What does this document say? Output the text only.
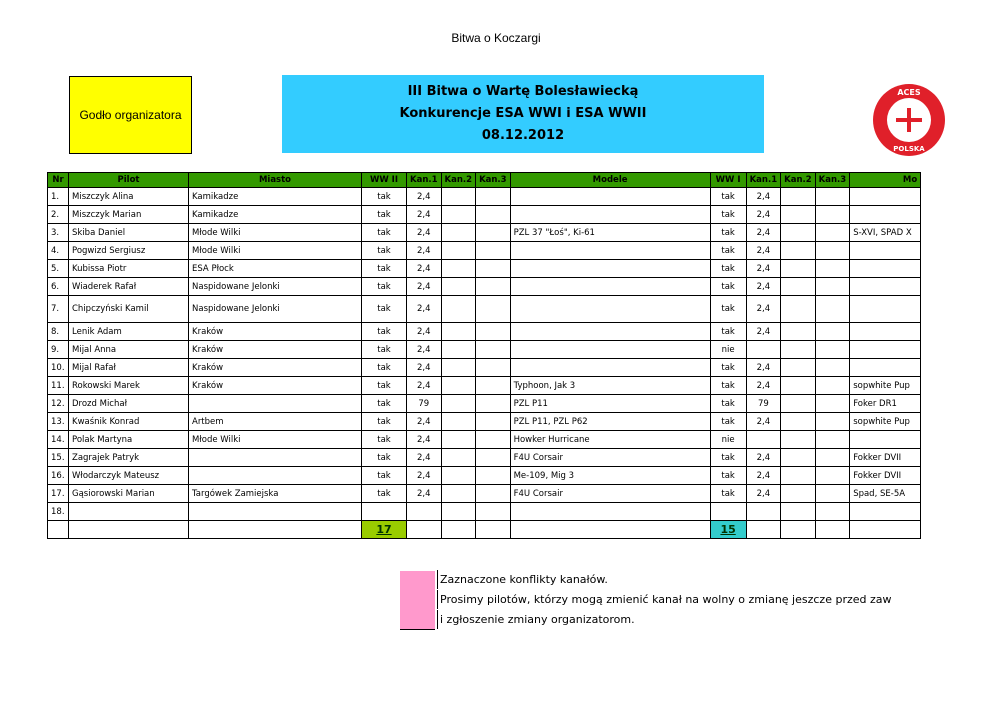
Bitwa o Koczargi
Godło organizatora
III Bitwa o Wartę Bolesławiecką
Konkurencje ESA WWI i ESA WWII
08.12.2012
ACES
POLSKA
Nr	Pilot	Miasto	WW II	Kan.1	Kan.2	Kan.3	Modele	WW I	Kan.1	Kan.2	Kan.3	Mo
1.	Miszczyk Alina	Kamikadze	tak	2,4				tak	2,4			
2.	Miszczyk Marian	Kamikadze	tak	2,4				tak	2,4			
3.	Skiba Daniel	Młode Wilki	tak	2,4			PZL 37 "Łoś", Ki-61	tak	2,4			S-XVI, SPAD X
4.	Pogwizd Sergiusz	Młode Wilki	tak	2,4				tak	2,4			
5.	Kubissa Piotr	ESA Płock	tak	2,4				tak	2,4			
6.	Wiaderek Rafał	Naspidowane Jelonki	tak	2,4				tak	2,4			
7.	Chipczyński Kamil	Naspidowane Jelonki	tak	2,4				tak	2,4			
8.	Lenik Adam	Kraków	tak	2,4				tak	2,4			
9.	Mijal Anna	Kraków	tak	2,4				nie				
10.	Mijal Rafał	Kraków	tak	2,4				tak	2,4			
11.	Rokowski Marek	Kraków	tak	2,4			Typhoon, Jak 3	tak	2,4			sopwhite Pup
12.	Drozd Michał		tak	79			PZL P11	tak	79			Foker DR1
13.	Kwaśnik Konrad	Artbem	tak	2,4			PZL P11, PZL P62	tak	2,4			sopwhite Pup
14.	Polak Martyna	Młode Wilki	tak	2,4			Howker Hurricane	nie				
15.	Zagrajek Patryk		tak	2,4			F4U Corsair	tak	2,4			Fokker DVII
16.	Włodarczyk Mateusz		tak	2,4			Me-109, Mig 3	tak	2,4			Fokker DVII
17.	Gąsiorowski Marian	Targówek Zamiejska	tak	2,4			F4U Corsair	tak	2,4			Spad, SE-5A
18.												
			17					15				
Zaznaczone konflikty kanałów.
Prosimy pilotów, którzy mogą zmienić kanał na wolny o zmianę jeszcze przed zaw
i zgłoszenie zmiany organizatorom.
